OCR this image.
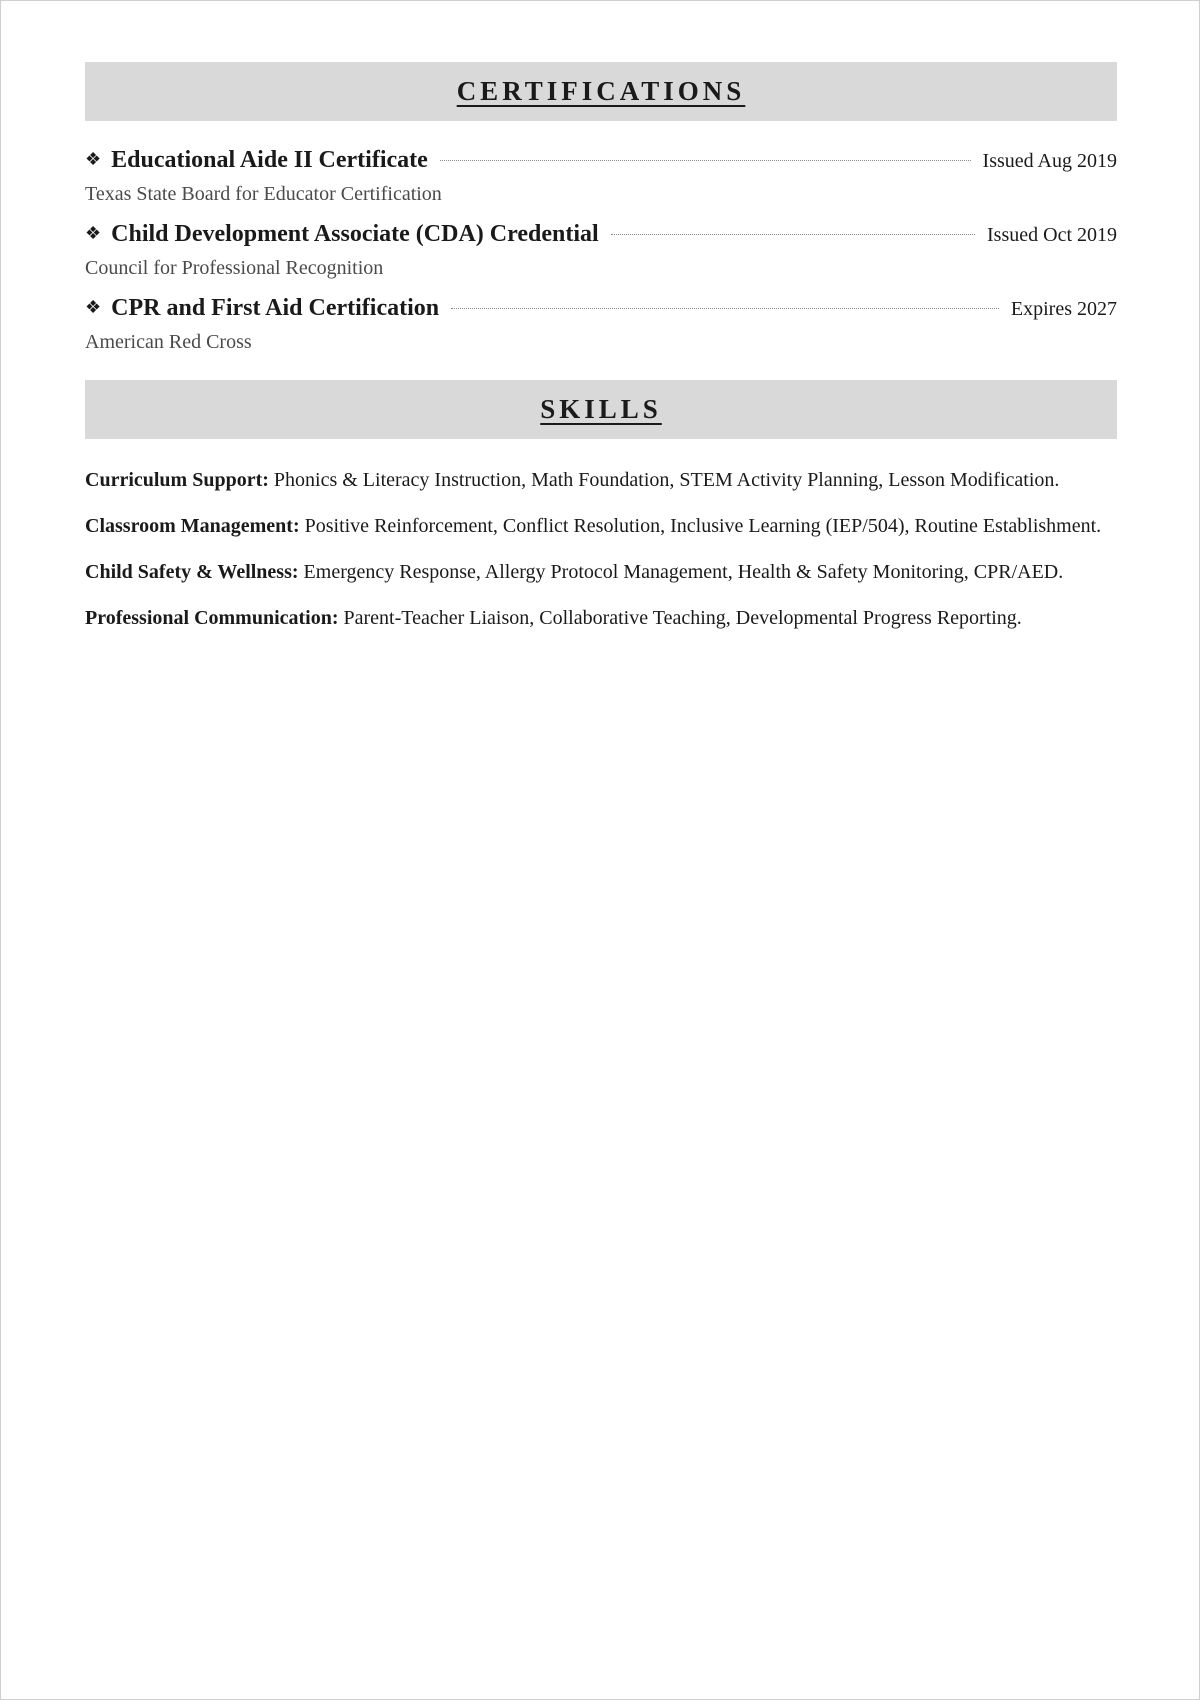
CERTIFICATIONS
❖ Educational Aide II Certificate	Issued Aug 2019
Texas State Board for Educator Certification
❖ Child Development Associate (CDA) Credential	Issued Oct 2019
Council for Professional Recognition
❖ CPR and First Aid Certification	Expires 2027
American Red Cross
SKILLS
Curriculum Support: Phonics & Literacy Instruction, Math Foundation, STEM Activity Planning, Lesson Modification.
Classroom Management: Positive Reinforcement, Conflict Resolution, Inclusive Learning (IEP/504), Routine Establishment.
Child Safety & Wellness: Emergency Response, Allergy Protocol Management, Health & Safety Monitoring, CPR/AED.
Professional Communication: Parent-Teacher Liaison, Collaborative Teaching, Developmental Progress Reporting.
